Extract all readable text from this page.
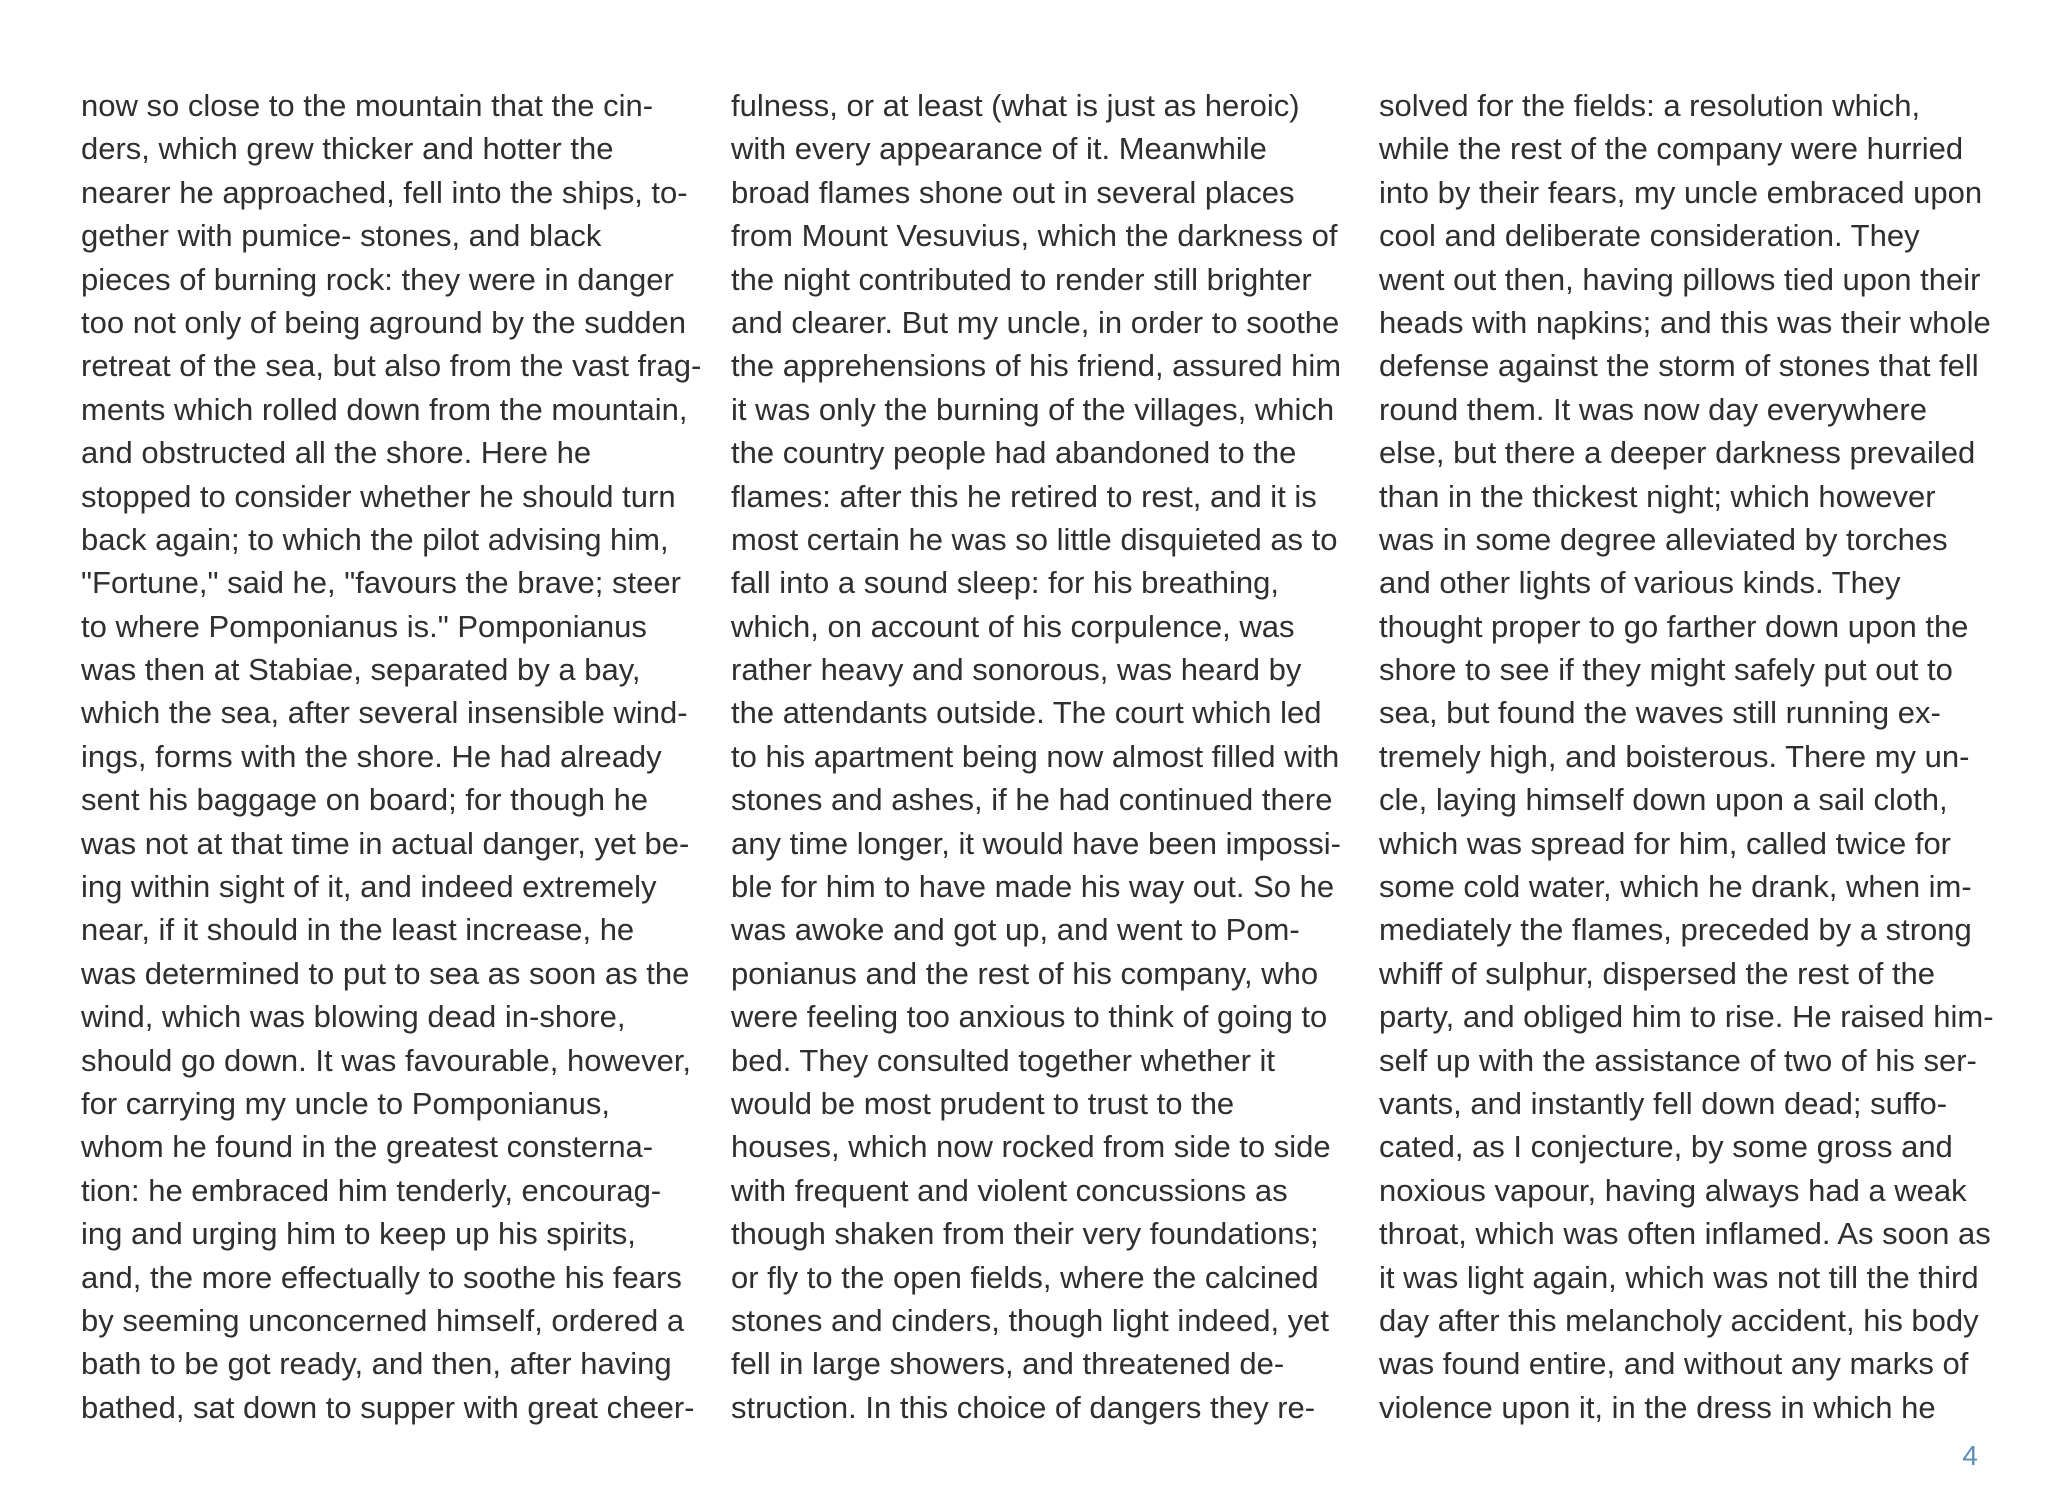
now so close to the mountain that the cin-
ders, which grew thicker and hotter the
nearer he approached, fell into the ships, to-
gether with pumice- stones, and black
pieces of burning rock: they were in danger
too not only of being aground by the sudden
retreat of the sea, but also from the vast frag-
ments which rolled down from the mountain,
and obstructed all the shore. Here he
stopped to consider whether he should turn
back again; to which the pilot advising him,
"Fortune," said he, "favours the brave; steer
to where Pomponianus is." Pomponianus
was then at Stabiae, separated by a bay,
which the sea, after several insensible wind-
ings, forms with the shore. He had already
sent his baggage on board; for though he
was not at that time in actual danger, yet be-
ing within sight of it, and indeed extremely
near, if it should in the least increase, he
was determined to put to sea as soon as the
wind, which was blowing dead in-shore,
should go down. It was favourable, however,
for carrying my uncle to Pomponianus,
whom he found in the greatest consterna-
tion: he embraced him tenderly, encourag-
ing and urging him to keep up his spirits,
and, the more effectually to soothe his fears
by seeming unconcerned himself, ordered a
bath to be got ready, and then, after having
bathed, sat down to supper with great cheer-
fulness, or at least (what is just as heroic)
with every appearance of it. Meanwhile
broad flames shone out in several places
from Mount Vesuvius, which the darkness of
the night contributed to render still brighter
and clearer. But my uncle, in order to soothe
the apprehensions of his friend, assured him
it was only the burning of the villages, which
the country people had abandoned to the
flames: after this he retired to rest, and it is
most certain he was so little disquieted as to
fall into a sound sleep: for his breathing,
which, on account of his corpulence, was
rather heavy and sonorous, was heard by
the attendants outside. The court which led
to his apartment being now almost filled with
stones and ashes, if he had continued there
any time longer, it would have been impossi-
ble for him to have made his way out. So he
was awoke and got up, and went to Pom-
ponianus and the rest of his company, who
were feeling too anxious to think of going to
bed. They consulted together whether it
would be most prudent to trust to the
houses, which now rocked from side to side
with frequent and violent concussions as
though shaken from their very foundations;
or fly to the open fields, where the calcined
stones and cinders, though light indeed, yet
fell in large showers, and threatened de-
struction. In this choice of dangers they re-
solved for the fields: a resolution which,
while the rest of the company were hurried
into by their fears, my uncle embraced upon
cool and deliberate consideration. They
went out then, having pillows tied upon their
heads with napkins; and this was their whole
defense against the storm of stones that fell
round them. It was now day everywhere
else, but there a deeper darkness prevailed
than in the thickest night; which however
was in some degree alleviated by torches
and other lights of various kinds. They
thought proper to go farther down upon the
shore to see if they might safely put out to
sea, but found the waves still running ex-
tremely high, and boisterous. There my un-
cle, laying himself down upon a sail cloth,
which was spread for him, called twice for
some cold water, which he drank, when im-
mediately the flames, preceded by a strong
whiff of sulphur, dispersed the rest of the
party, and obliged him to rise. He raised him-
self up with the assistance of two of his ser-
vants, and instantly fell down dead; suffo-
cated, as I conjecture, by some gross and
noxious vapour, having always had a weak
throat, which was often inflamed. As soon as
it was light again, which was not till the third
day after this melancholy accident, his body
was found entire, and without any marks of
violence upon it, in the dress in which he
4
